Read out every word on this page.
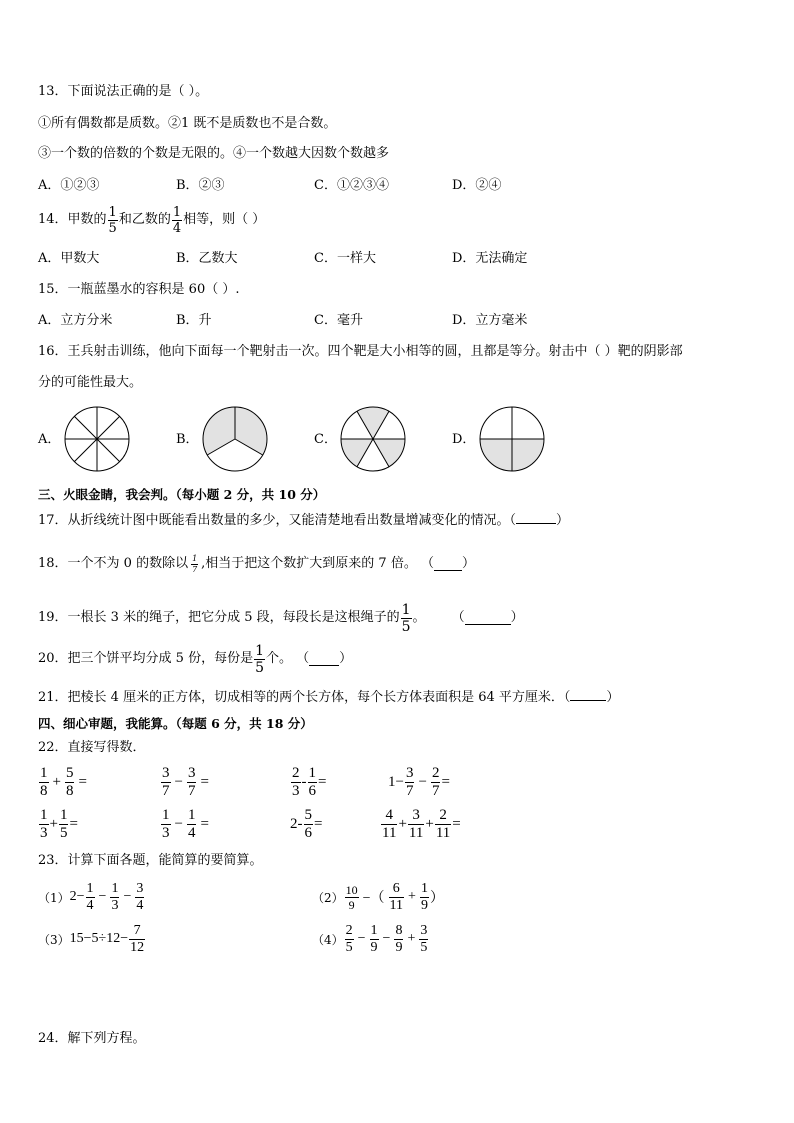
13．下面说法正确的是（ ）。
①所有偶数都是质数。②1 既不是质数也不是合数。
③一个数的倍数的个数是无限的。④一个数越大因数个数越多
A．①②③	B．②③	C．①②③④	D．②④
14．甲数的 $\frac{1}{5}$ 和乙数的 $\frac{1}{4}$ 相等，则（ ）
A．甲数大	B．乙数大	C．一样大	D．无法确定
15．一瓶蓝墨水的容积是 60（ ）.
A．立方分米	B．升	C．毫升	D．立方毫米
16．王兵射击训练，他向下面每一个靶射击一次。四个靶是大小相等的圆，且都是等分。射击中（ ）靶的阴影部
分的可能性最大。
A．	B．	C．	D．
三、火眼金睛，我会判。（每小题 2 分，共 10 分）
17．从折线统计图中既能看出数量的多少，又能清楚地看出数量增减变化的情况。（	）
18．一个不为 0 的数除以 $\frac{1}{7}$ ,相当于把这个数扩大到原来的 7 倍。 （ ）
19．一根长 3 米的绳子，把它分成 5 段，每段长是这根绳子的 $\frac{1}{5}$ 。 （	）
20．把三个饼平均分成 5 份，每份是 $\frac{1}{5}$ 个。 （ ）
21．把棱长 4 厘米的正方体，切成相等的两个长方体，每个长方体表面积是 64 平方厘米．（	）
四、细心审题，我能算。（每题 6 分，共 18 分）
22．直接写得数．
$\frac{1}{8} + \frac{5}{8}$ =	$\frac{3}{7} - \frac{3}{7}$ =	$\frac{2}{3} - \frac{1}{6}$ =	$1- \frac{3}{7} - \frac{2}{7}$ =
$\frac{1}{3} + \frac{1}{5}$ =	$\frac{1}{3} - \frac{1}{4}$ =	$2- \frac{5}{6}$ =	$\frac{4}{11} + \frac{3}{11} + \frac{2}{11}$ =
23．计算下面各题，能简算的要简算。
（1） $2- \frac{1}{4} - \frac{1}{3} - \frac{3}{4}$	$(2) \frac{10}{9}$ −（ $\frac{6}{11} + \frac{1}{9}$ ）
（3） $15-5\div 12- \frac{7}{12}$	$(4) \frac{2}{5} - \frac{1}{9} - \frac{8}{9} + \frac{3}{5}$
24．解下列方程。
